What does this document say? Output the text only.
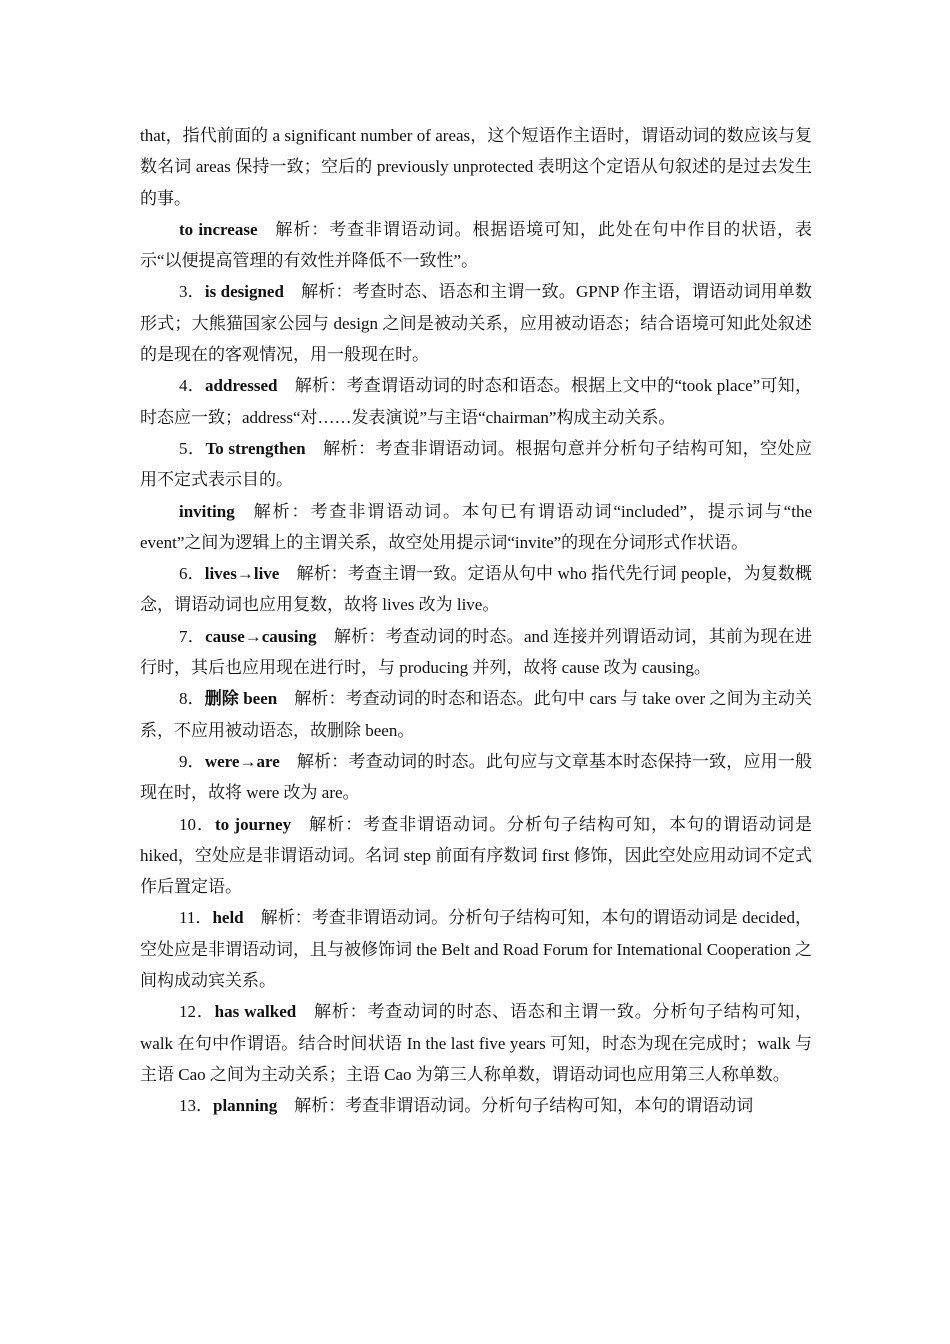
that，指代前面的 a significant number of areas，这个短语作主语时，谓语动词的数应该与复数名词 areas 保持一致；空后的 previously unprotected 表明这个定语从句叙述的是过去发生的事。

to increase 解析：考查非谓语动词。根据语境可知，此处在句中作目的状语，表示“以便提高管理的有效性并降低不一致性”。

3．is designed 解析：考查时态、语态和主谓一致。GPNP 作主语，谓语动词用单数形式；大熊猫国家公园与 design 之间是被动关系，应用被动语态；结合语境可知此处叙述的是现在的客观情况，用一般现在时。

4．addressed 解析：考查谓语动词的时态和语态。根据上文中的“took place”可知，时态应一致；address“对……发表演说”与主语“chairman”构成主动关系。

5．To strengthen 解析：考查非谓语动词。根据句意并分析句子结构可知，空处应用不定式表示目的。

inviting 解析：考查非谓语动词。本句已有谓语动词“included”，提示词与“the event”之间为逻辑上的主谓关系，故空处用提示词“invite”的现在分词形式作状语。

6．lives→live 解析：考查主谓一致。定语从句中 who 指代先行词 people，为复数概念，谓语动词也应用复数，故将 lives 改为 live。

7．cause→causing 解析：考查动词的时态。and 连接并列谓语动词，其前为现在进行时，其后也应用现在进行时，与 producing 并列，故将 cause 改为 causing。

8．删除 been 解析：考查动词的时态和语态。此句中 cars 与 take over 之间为主动关系，不应用被动语态，故删除 been。

9．were→are 解析：考查动词的时态。此句应与文章基本时态保持一致，应用一般现在时，故将 were 改为 are。

10．to journey 解析：考查非谓语动词。分析句子结构可知，本句的谓语动词是 hiked，空处应是非谓语动词。名词 step 前面有序数词 first 修饰，因此空处应用动词不定式作后置定语。

11．held 解析：考查非谓语动词。分析句子结构可知，本句的谓语动词是 decided，空处应是非谓语动词，且与被修饰词 the Belt and Road Forum for Intemational Cooperation 之间构成动宾关系。

12．has walked 解析：考查动词的时态、语态和主谓一致。分析句子结构可知，walk 在句中作谓语。结合时间状语 In the last five years 可知，时态为现在完成时；walk 与主语 Cao 之间为主动关系；主语 Cao 为第三人称单数，谓语动词也应用第三人称单数。

13．planning 解析：考查非谓语动词。分析句子结构可知，本句的谓语动词
